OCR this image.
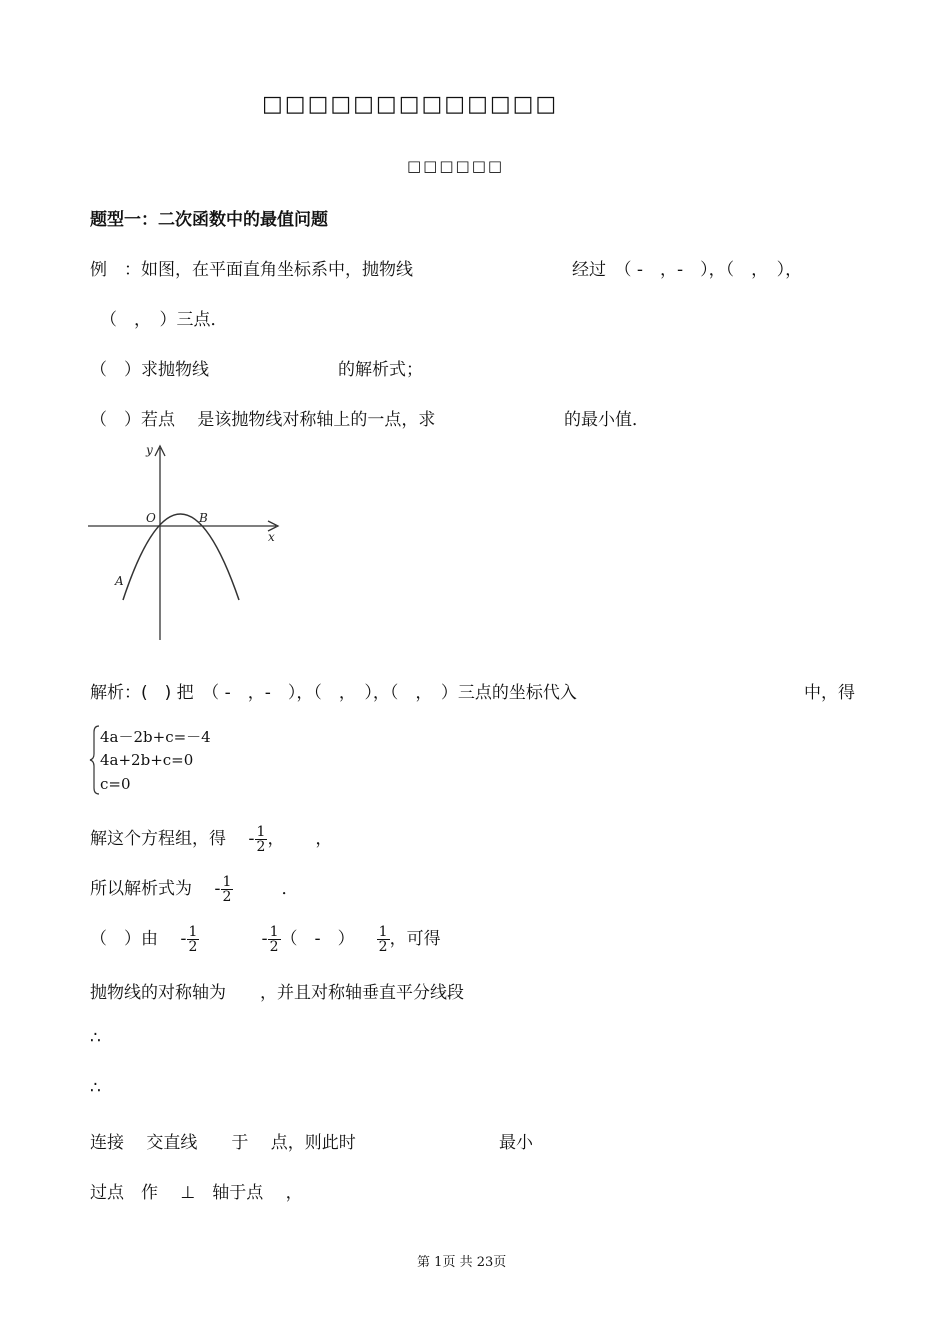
□□□□□□□□□□□□□
□□□□□□
题型一：二次函数中的最值问题
例　：如图，在平面直角坐标系中，抛物线	经过　（ -　，-　），（　，　），
（　，　）三点．
（　）求抛物线	的解析式；
（　）若点　 是该抛物线对称轴上的一点，求	的最小值．
y
x
O	B
A
解析：(　) 把　（ -　，-　），（　，　），（　，　）三点的坐标代入	中，得
4a－2b+c=－4
4a+2b+c=0
c=0
解这个方程组，得　 - $\frac{1}{2}$ ，　　 ，
所以解析式为　 - $\frac{1}{2}$	．
（　）由　 - $\frac{1}{2}$	- $\frac{1}{2}$ （　-　） $\frac{1}{2}$ ，可得
抛物线的对称轴为　　，并且对称轴垂直平分线段
∴
∴
连接　 交直线　　于　 点，则此时	最小
过点　作　 ⊥　轴于点　 ，
第 1页 共 23页
